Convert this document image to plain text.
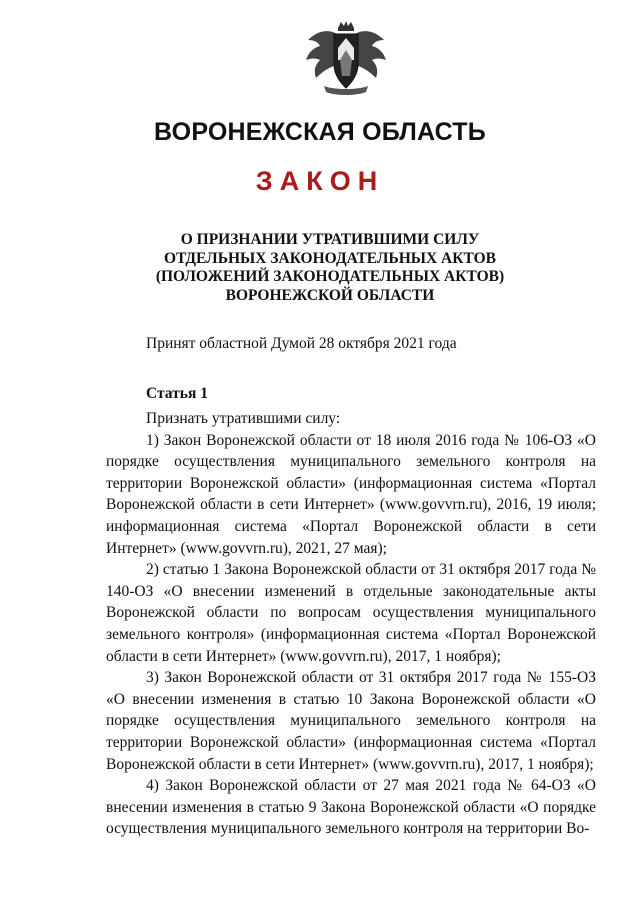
ВОРОНЕЖСКАЯ ОБЛАСТЬ
ЗАКОН
О ПРИЗНАНИИ УТРАТИВШИМИ СИЛУ
ОТДЕЛЬНЫХ ЗАКОНОДАТЕЛЬНЫХ АКТОВ
(ПОЛОЖЕНИЙ ЗАКОНОДАТЕЛЬНЫХ АКТОВ)
ВОРОНЕЖСКОЙ ОБЛАСТИ
Принят областной Думой 28 октября 2021 года
Статья 1

Признать утратившими силу:

1) Закон Воронежской области от 18 июля 2016 года № 106-ОЗ «О порядке осуществления муниципального земельного контроля на территории Воронежской области» (информационная система «Портал Воронежской области в сети Интернет» (www.govvrn.ru), 2016, 19 июля; информационная система «Портал Воронежской области в сети Интернет» (www.govvrn.ru), 2021, 27 мая);

2) статью 1 Закона Воронежской области от 31 октября 2017 года № 140-ОЗ «О внесении изменений в отдельные законодательные акты Воронежской области по вопросам осуществления муниципального земельного контроля» (информационная система «Портал Воронежской области в сети Интернет» (www.govvrn.ru), 2017, 1 ноября);

3) Закон Воронежской области от 31 октября 2017 года № 155-ОЗ «О внесении изменения в статью 10 Закона Воронежской области «О порядке осуществления муниципального земельного контроля на территории Воронежской области» (информационная система «Портал Воронежской области в сети Интернет» (www.govvrn.ru), 2017, 1 ноября);

4) Закон Воронежской области от 27 мая 2021 года № 64-ОЗ «О внесении изменения в статью 9 Закона Воронежской области «О порядке осуществления муниципального земельного контроля на территории Во-
